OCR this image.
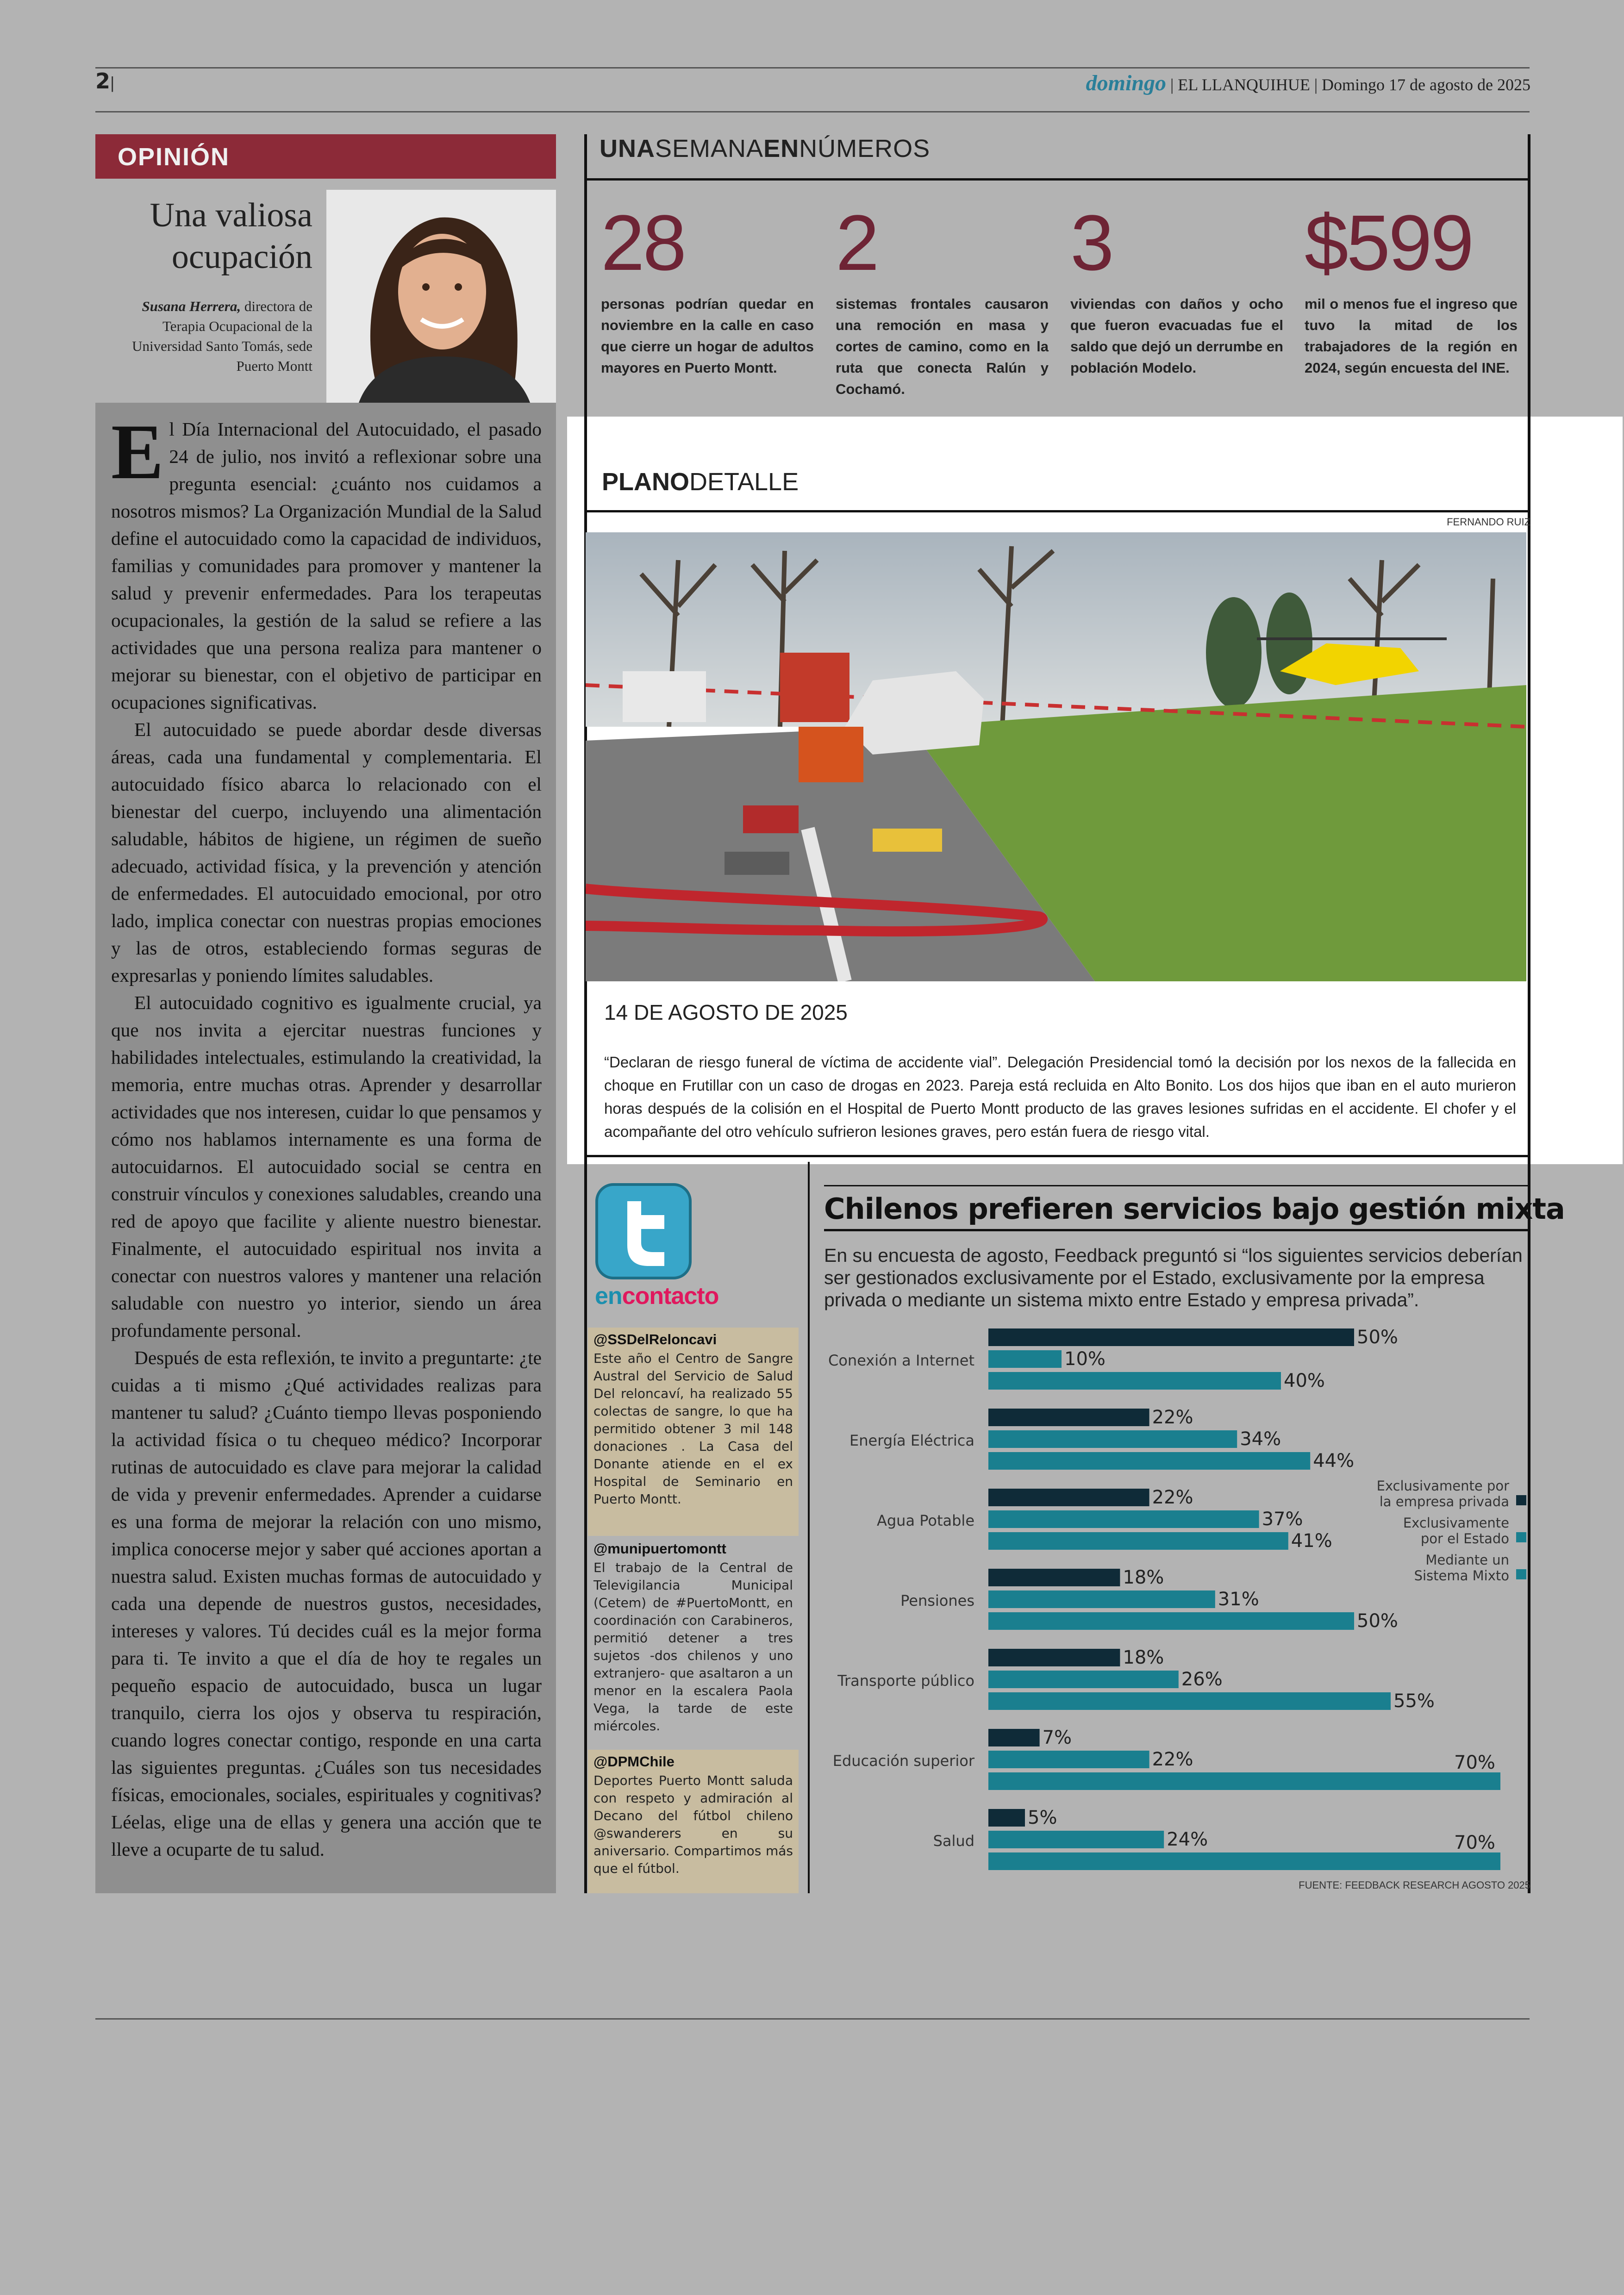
2 |	domingo | EL LLANQUIHUE | Domingo 17 de agosto de 2025
OPINIÓN
Una valiosa ocupación
Susana Herrera, directora de Terapia Ocupacional de la Universidad Santo Tomás, sede Puerto Montt

El Día Internacional del Autocuidado, el pasado 24 de julio, nos invitó a reflexionar sobre una pregunta esencial: ¿cuánto nos cuidamos a nosotros mismos? La Organización Mundial de la Salud define el autocuidado como la capacidad de individuos, familias y comunidades para promover y mantener la salud y prevenir enfermedades. Para los terapeutas ocupacionales, la gestión de la salud se refiere a las actividades que una persona realiza para mantener o mejorar su bienestar, con el objetivo de participar en ocupaciones significativas.

El autocuidado se puede abordar desde diversas áreas, cada una fundamental y complementaria. El autocuidado físico abarca lo relacionado con el bienestar del cuerpo, incluyendo una alimentación saludable, hábitos de higiene, un régimen de sueño adecuado, actividad física, y la prevención y atención de enfermedades. El autocuidado emocional, por otro lado, implica conectar con nuestras propias emociones y las de otros, estableciendo formas seguras de expresarlas y poniendo límites saludables.

El autocuidado cognitivo es igualmente crucial, ya que nos invita a ejercitar nuestras funciones y habilidades intelectuales, estimulando la creatividad, la memoria, entre muchas otras. Aprender y desarrollar actividades que nos interesen, cuidar lo que pensamos y cómo nos hablamos internamente es una forma de autocuidarnos. El autocuidado social se centra en construir vínculos y conexiones saludables, creando una red de apoyo que facilite y aliente nuestro bienestar. Finalmente, el autocuidado espiritual nos invita a conectar con nuestros valores y mantener una relación saludable con nuestro yo interior, siendo un área profundamente personal.

Después de esta reflexión, te invito a preguntarte: ¿te cuidas a ti mismo ¿Qué actividades realizas para mantener tu salud? ¿Cuánto tiempo llevas posponiendo la actividad física o tu chequeo médico? Incorporar rutinas de autocuidado es clave para mejorar la calidad de vida y prevenir enfermedades. Aprender a cuidarse es una forma de mejorar la relación con uno mismo, implica conocerse mejor y saber qué acciones aportan a nuestra salud. Existen muchas formas de autocuidado y cada una depende de nuestros gustos, necesidades, intereses y valores. Tú decides cuál es la mejor forma para ti. Te invito a que el día de hoy te regales un pequeño espacio de autocuidado, busca un lugar tranquilo, cierra los ojos y observa tu respiración, cuando logres conectar contigo, responde en una carta las siguientes preguntas. ¿Cuáles son tus necesidades físicas, emocionales, sociales, espirituales y cognitivas? Léelas, elige una de ellas y genera una acción que te lleve a ocuparte de tu salud.

UNASEMANAENNÚMEROS
28
personas podrían quedar en noviembre en la calle en caso que cierre un hogar de adultos mayores en Puerto Montt.
2
sistemas frontales causaron una remoción en masa y cortes de camino, como en la ruta que conecta Ralún y Cochamó.
3
viviendas con daños y ocho que fueron evacuadas fue el saldo que dejó un derrumbe en población Modelo.
$599
mil o menos fue el ingreso que tuvo la mitad de los trabajadores de la región en 2024, según encuesta del INE.
PLANODETALLE
FERNANDO RUIZ
14 DE AGOSTO DE 2025
“Declaran de riesgo funeral de víctima de accidente vial”. Delegación Presidencial tomó la decisión por los nexos de la fallecida en choque en Frutillar con un caso de drogas en 2023. Pareja está recluida en Alto Bonito. Los dos hijos que iban en el auto murieron horas después de la colisión en el Hospital de Puerto Montt producto de las graves lesiones sufridas en el accidente. El chofer y el acompañante del otro vehículo sufrieron lesiones graves, pero están fuera de riesgo vital.
encontacto
@SSDelReloncavi
Este año el Centro de Sangre Austral del Servicio de Salud Del reloncaví, ha realizado 55 colectas de sangre, lo que ha permitido obtener 3 mil 148 donaciones . La Casa del Donante atiende en el ex Hospital de Seminario en Puerto Montt.
@munipuertomontt
El trabajo de la Central de Televigilancia Municipal (Cetem) de #PuertoMontt, en coordinación con Carabineros, permitió detener a tres sujetos -dos chilenos y uno extranjero- que asaltaron a un menor en la escalera Paola Vega, la tarde de este miércoles.
@DPMChile
Deportes Puerto Montt saluda con respeto y admiración al Decano del fútbol chileno @swanderers en su aniversario. Compartimos más que el fútbol.
Chilenos prefieren servicios bajo gestión mixta
En su encuesta de agosto, Feedback preguntó si “los siguientes servicios deberían ser gestionados exclusivamente por el Estado, exclusivamente por la empresa privada o mediante un sistema mixto entre Estado y empresa privada”.
Conexión a Internet
50%
10%
40%
Energía Eléctrica
22%
34%
44%
Agua Potable
22%
37%
41%
Pensiones
18%
31%
50%
Transporte público
18%
26%
55%
Educación superior
7%
22%	70%
Salud
5%
24%	70%
Exclusivamente por la empresa privada
Exclusivamente por el Estado
Mediante un Sistema Mixto
FUENTE: FEEDBACK RESEARCH AGOSTO 2025
